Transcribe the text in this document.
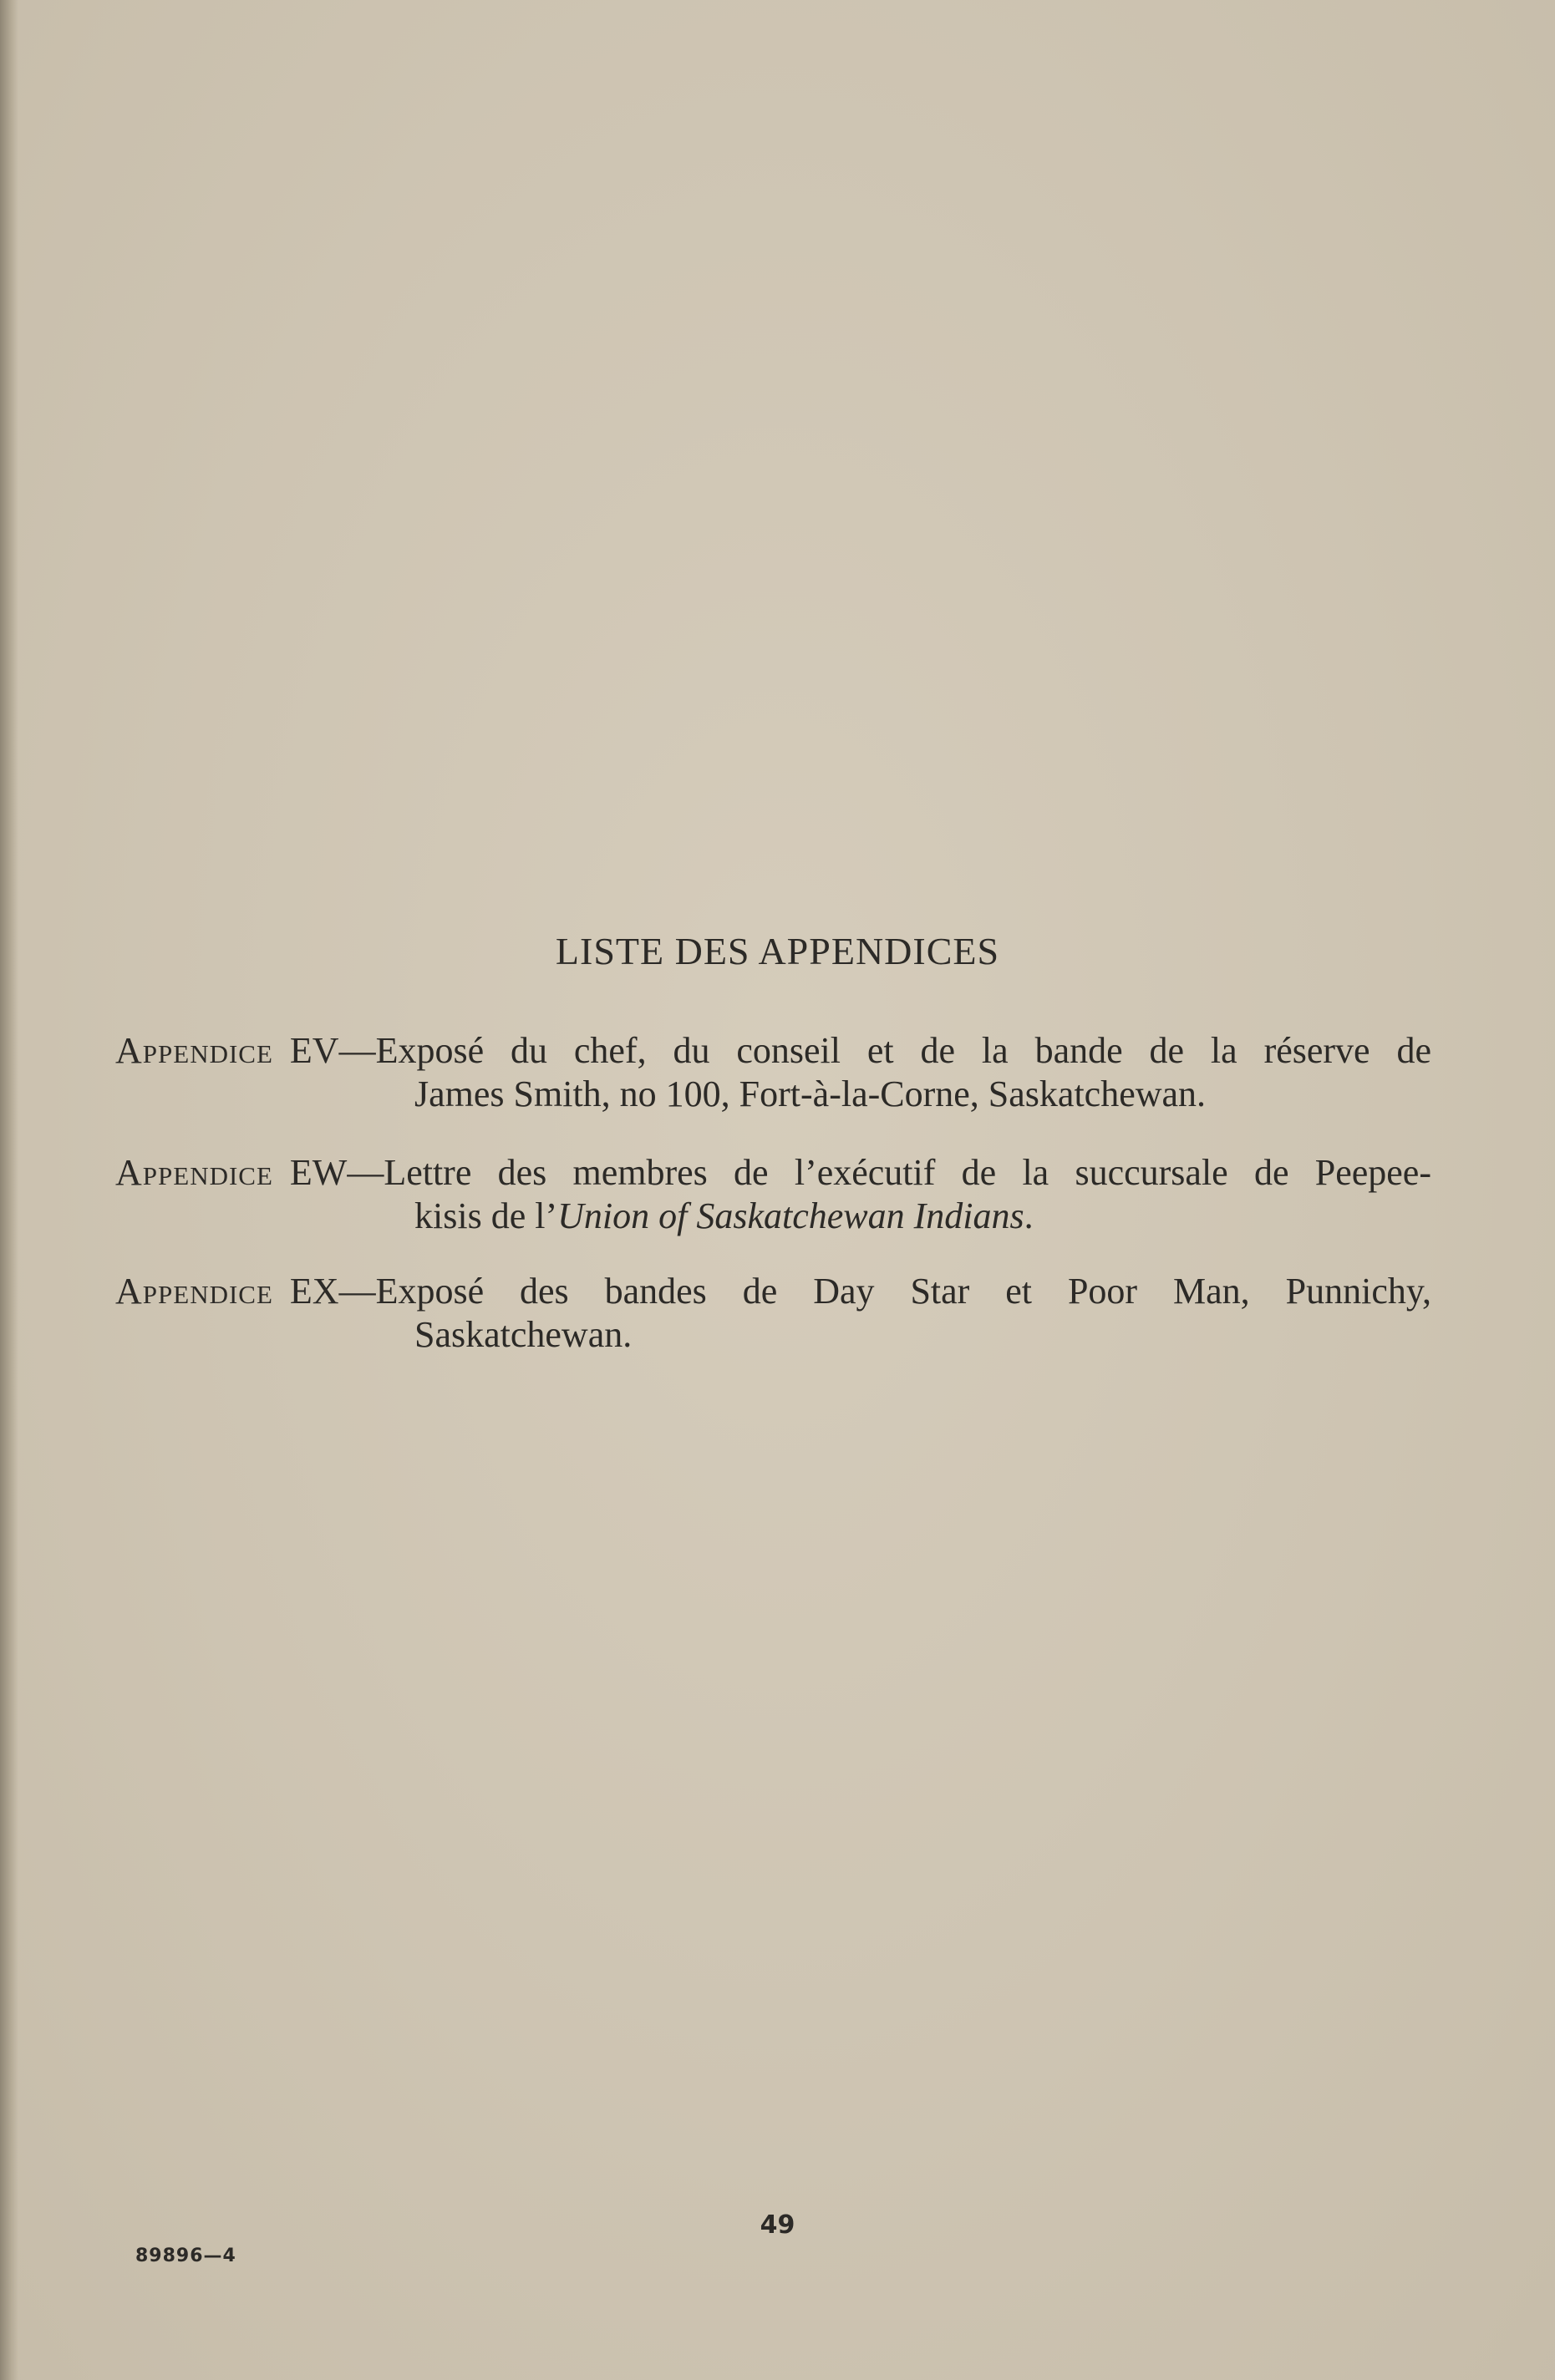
LISTE DES APPENDICES
Appendice EV — Exposé du chef, du conseil et de la bande de la réserve de
James Smith, no 100, Fort-à-la-Corne, Saskatchewan.
Appendice EW — Lettre des membres de l’exécutif de la succursale de Peepee-
kisis de l’Union of Saskatchewan Indians.
Appendice EX — Exposé des bandes de Day Star et Poor Man, Punnichy,
Saskatchewan.
49
89896—4
